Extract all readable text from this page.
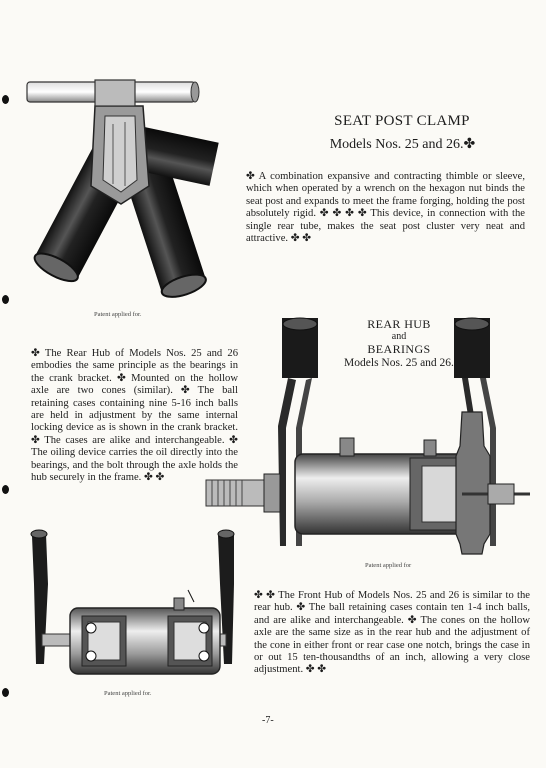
Patent applied for.
SEAT POST CLAMP
Models Nos. 25 and 26.✤
✤ A combination expansive and contracting thimble or sleeve, which when operated by a wrench on the hexagon nut binds the seat post and expands to meet the frame forging, holding the post absolutely rigid. ✤ ✤ ✤ ✤ This device, in connection with the single rear tube, makes the seat post cluster very neat and attractive. ✤ ✤
REAR HUB
and
BEARINGS
Models Nos. 25 and 26.
Patent applied for
✤ The Rear Hub of Models Nos. 25 and 26 embodies the same principle as the bearings in the crank bracket. ✤ Mounted on the hollow axle are two cones (similar). ✤ The ball retaining cases containing nine 5-16 inch balls are held in adjustment by the same internal locking device as is shown in the crank bracket. ✤ The cases are alike and interchangeable. ✤ The oiling device carries the oil directly into the bearings, and the bolt through the axle holds the hub securely in the frame. ✤ ✤
Patent applied for.
✤ ✤ The Front Hub of Models Nos. 25 and 26 is similar to the rear hub. ✤ The ball retaining cases contain ten 1-4 inch balls, and are alike and interchangeable. ✤ The cones on the hollow axle are the same size as in the rear hub and the adjustment of the cone in either front or rear case one notch, brings the case in or out 15 ten-thousandths of an inch, allowing a very close adjustment. ✤ ✤
-7-
